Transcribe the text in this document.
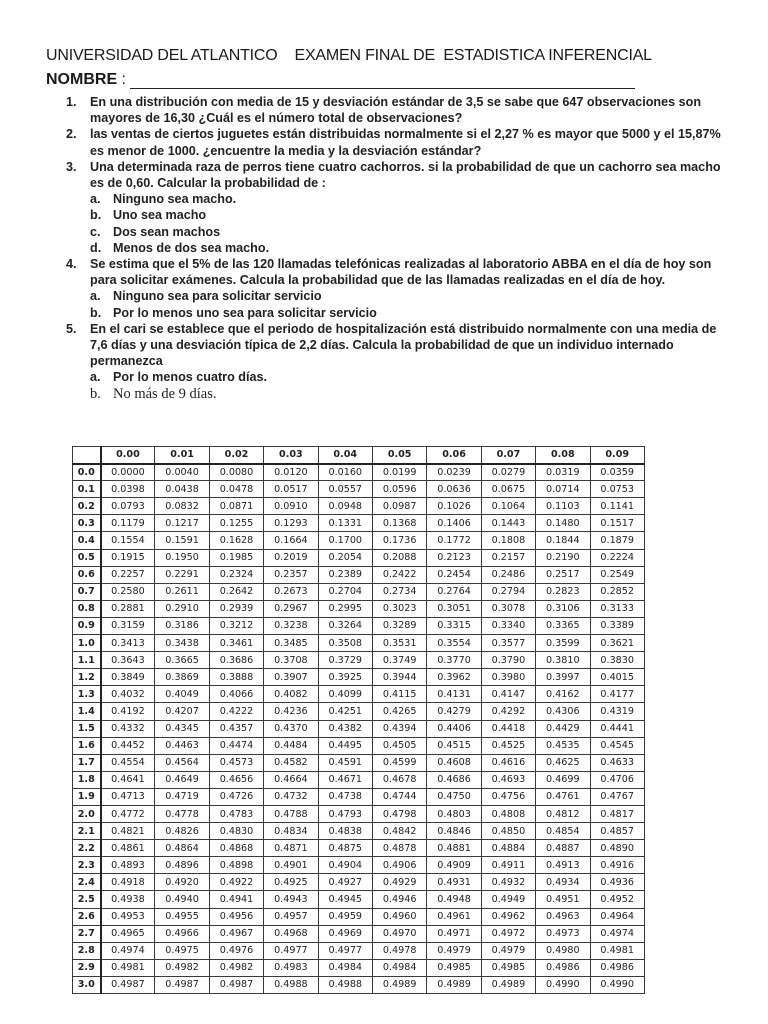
UNIVERSIDAD DEL ATLANTICO    EXAMEN FINAL DE  ESTADISTICA INFERENCIAL
NOMBRE :
1. En una distribución con media de 15 y desviación estándar de 3,5 se sabe que 647 observaciones son mayores de 16,30 ¿Cuál es el número total de observaciones?
2. las ventas de ciertos juguetes están distribuidas normalmente si el 2,27 % es mayor que 5000 y el 15,87% es menor de 1000. ¿encuentre la media y la desviación estándar?
3. Una determinada raza de perros tiene cuatro cachorros. si la probabilidad de que un cachorro sea macho es de 0,60. Calcular la probabilidad de :
a. Ninguno sea macho.
b. Uno sea macho
c. Dos sean machos
d. Menos de dos sea macho.
4. Se estima que el 5% de las 120 llamadas telefónicas realizadas al laboratorio ABBA en el día de hoy son para solicitar exámenes. Calcula la probabilidad que de las llamadas realizadas en el día de hoy.
a. Ninguno sea para solicitar servicio
b. Por lo menos uno sea para solicitar servicio
5. En el cari se establece que el periodo de hospitalización está distribuido normalmente con una media de 7,6 días y una desviación típica de 2,2 días. Calcula la probabilidad de que un individuo internado permanezca
a. Por lo menos cuatro días.
b. No más de 9 días.
	0.00	0.01	0.02	0.03	0.04	0.05	0.06	0.07	0.08	0.09
0.0	0.0000	0.0040	0.0080	0.0120	0.0160	0.0199	0.0239	0.0279	0.0319	0.0359
0.1	0.0398	0.0438	0.0478	0.0517	0.0557	0.0596	0.0636	0.0675	0.0714	0.0753
0.2	0.0793	0.0832	0.0871	0.0910	0.0948	0.0987	0.1026	0.1064	0.1103	0.1141
0.3	0.1179	0.1217	0.1255	0.1293	0.1331	0.1368	0.1406	0.1443	0.1480	0.1517
0.4	0.1554	0.1591	0.1628	0.1664	0.1700	0.1736	0.1772	0.1808	0.1844	0.1879
0.5	0.1915	0.1950	0.1985	0.2019	0.2054	0.2088	0.2123	0.2157	0.2190	0.2224
0.6	0.2257	0.2291	0.2324	0.2357	0.2389	0.2422	0.2454	0.2486	0.2517	0.2549
0.7	0.2580	0.2611	0.2642	0.2673	0.2704	0.2734	0.2764	0.2794	0.2823	0.2852
0.8	0.2881	0.2910	0.2939	0.2967	0.2995	0.3023	0.3051	0.3078	0.3106	0.3133
0.9	0.3159	0.3186	0.3212	0.3238	0.3264	0.3289	0.3315	0.3340	0.3365	0.3389
1.0	0.3413	0.3438	0.3461	0.3485	0.3508	0.3531	0.3554	0.3577	0.3599	0.3621
1.1	0.3643	0.3665	0.3686	0.3708	0.3729	0.3749	0.3770	0.3790	0.3810	0.3830
1.2	0.3849	0.3869	0.3888	0.3907	0.3925	0.3944	0.3962	0.3980	0.3997	0.4015
1.3	0.4032	0.4049	0.4066	0.4082	0.4099	0.4115	0.4131	0.4147	0.4162	0.4177
1.4	0.4192	0.4207	0.4222	0.4236	0.4251	0.4265	0.4279	0.4292	0.4306	0.4319
1.5	0.4332	0.4345	0.4357	0.4370	0.4382	0.4394	0.4406	0.4418	0.4429	0.4441
1.6	0.4452	0.4463	0.4474	0.4484	0.4495	0.4505	0.4515	0.4525	0.4535	0.4545
1.7	0.4554	0.4564	0.4573	0.4582	0.4591	0.4599	0.4608	0.4616	0.4625	0.4633
1.8	0.4641	0.4649	0.4656	0.4664	0.4671	0.4678	0.4686	0.4693	0.4699	0.4706
1.9	0.4713	0.4719	0.4726	0.4732	0.4738	0.4744	0.4750	0.4756	0.4761	0.4767
2.0	0.4772	0.4778	0.4783	0.4788	0.4793	0.4798	0.4803	0.4808	0.4812	0.4817
2.1	0.4821	0.4826	0.4830	0.4834	0.4838	0.4842	0.4846	0.4850	0.4854	0.4857
2.2	0.4861	0.4864	0.4868	0.4871	0.4875	0.4878	0.4881	0.4884	0.4887	0.4890
2.3	0.4893	0.4896	0.4898	0.4901	0.4904	0.4906	0.4909	0.4911	0.4913	0.4916
2.4	0.4918	0.4920	0.4922	0.4925	0.4927	0.4929	0.4931	0.4932	0.4934	0.4936
2.5	0.4938	0.4940	0.4941	0.4943	0.4945	0.4946	0.4948	0.4949	0.4951	0.4952
2.6	0.4953	0.4955	0.4956	0.4957	0.4959	0.4960	0.4961	0.4962	0.4963	0.4964
2.7	0.4965	0.4966	0.4967	0.4968	0.4969	0.4970	0.4971	0.4972	0.4973	0.4974
2.8	0.4974	0.4975	0.4976	0.4977	0.4977	0.4978	0.4979	0.4979	0.4980	0.4981
2.9	0.4981	0.4982	0.4982	0.4983	0.4984	0.4984	0.4985	0.4985	0.4986	0.4986
3.0	0.4987	0.4987	0.4987	0.4988	0.4988	0.4989	0.4989	0.4989	0.4990	0.4990
